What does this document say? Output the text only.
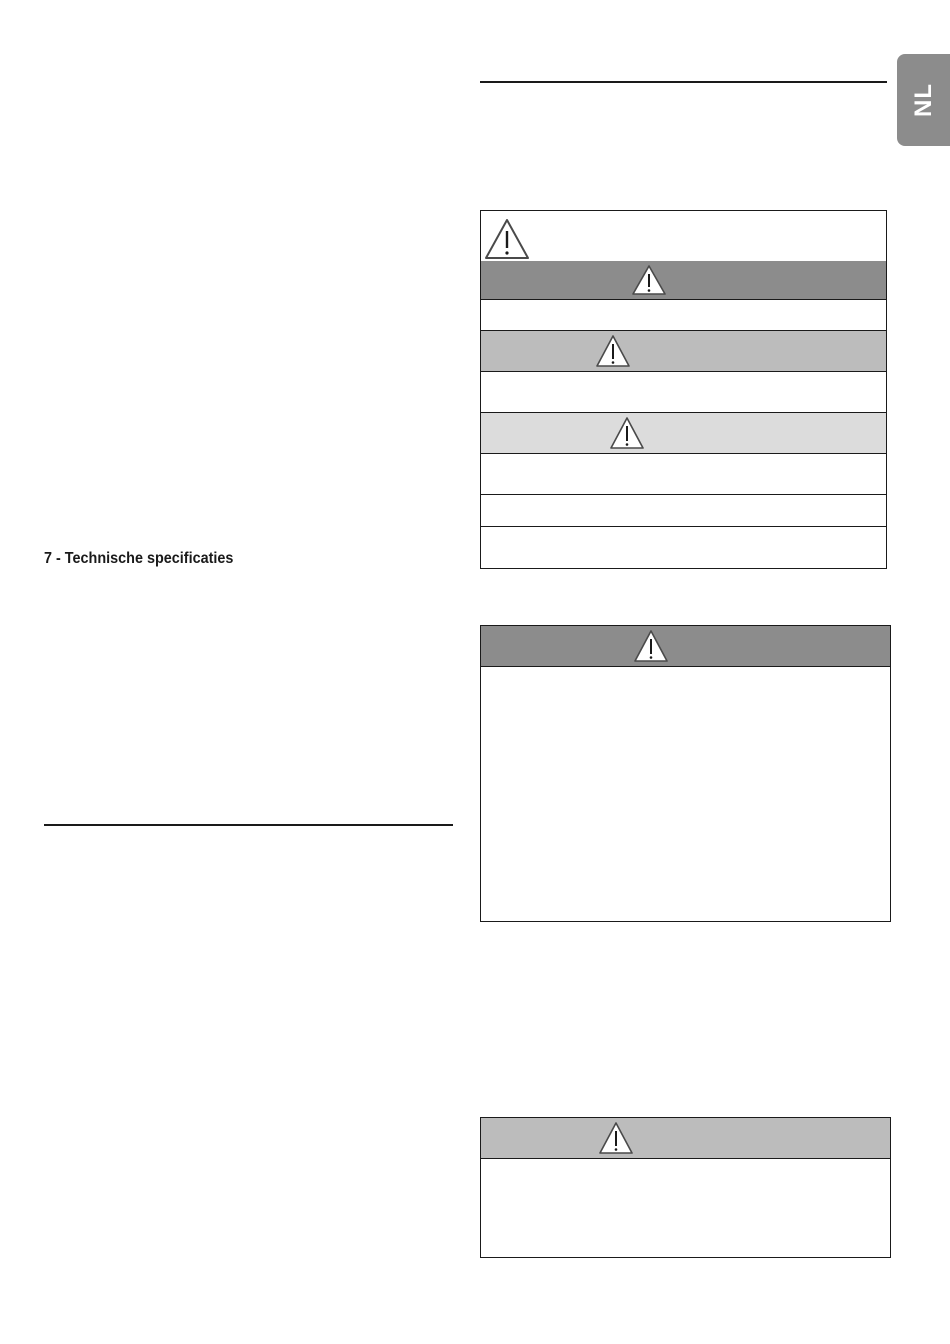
NL
7 - Technische specificaties
